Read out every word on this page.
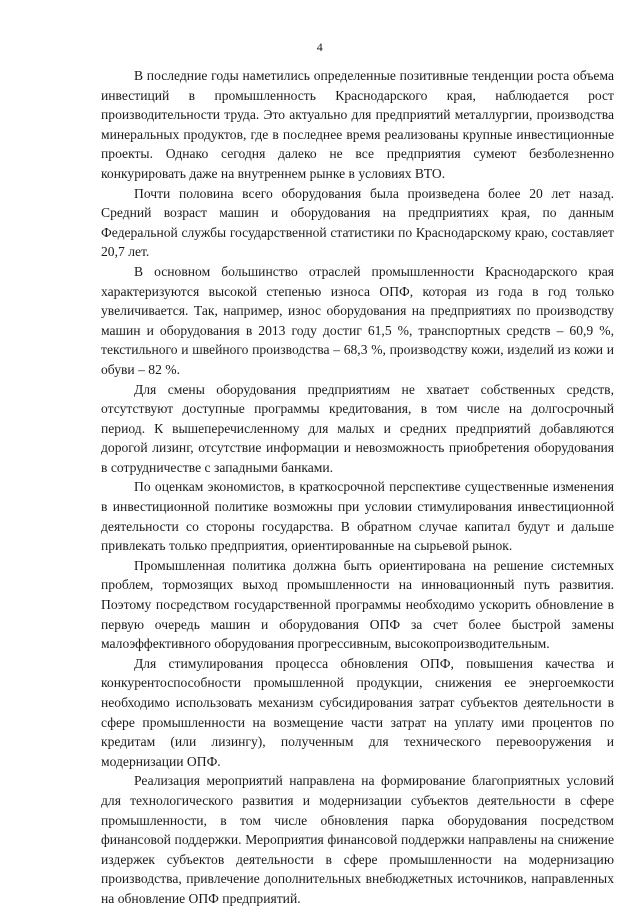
4

В последние годы наметились определенные позитивные тенденции роста объема инвестиций в промышленность Краснодарского края, наблюдается рост производительности труда. Это актуально для предприятий металлургии, производства минеральных продуктов, где в последнее время реализованы крупные инвестиционные проекты. Однако сегодня далеко не все предприятия сумеют безболезненно конкурировать даже на внутреннем рынке в условиях ВТО.

Почти половина всего оборудования была произведена более 20 лет назад. Средний возраст машин и оборудования на предприятиях края, по данным Федеральной службы государственной статистики по Краснодарскому краю, составляет 20,7 лет.

В основном большинство отраслей промышленности Краснодарского края характеризуются высокой степенью износа ОПФ, которая из года в год только увеличивается. Так, например, износ оборудования на предприятиях по производству машин и оборудования в 2013 году достиг 61,5 %, транспортных средств – 60,9 %, текстильного и швейного производства – 68,3 %, производству кожи, изделий из кожи и обуви – 82 %.

Для смены оборудования предприятиям не хватает собственных средств, отсутствуют доступные программы кредитования, в том числе на долгосрочный период. К вышеперечисленному для малых и средних предприятий добавляются дорогой лизинг, отсутствие информации и невозможность приобретения оборудования в сотрудничестве с западными банками.

По оценкам экономистов, в краткосрочной перспективе существенные изменения в инвестиционной политике возможны при условии стимулирования инвестиционной деятельности со стороны государства. В обратном случае капитал будут и дальше привлекать только предприятия, ориентированные на сырьевой рынок.

Промышленная политика должна быть ориентирована на решение системных проблем, тормозящих выход промышленности на инновационный путь развития. Поэтому посредством государственной программы необходимо ускорить обновление в первую очередь машин и оборудования ОПФ за счет более быстрой замены малоэффективного оборудования прогрессивным, высокопроизводительным.

Для стимулирования процесса обновления ОПФ, повышения качества и конкурентоспособности промышленной продукции, снижения ее энергоемкости необходимо использовать механизм субсидирования затрат субъектов деятельности в сфере промышленности на возмещение части затрат на уплату ими процентов по кредитам (или лизингу), полученным для технического перевооружения и модернизации ОПФ.

Реализация мероприятий направлена на формирование благоприятных условий для технологического развития и модернизации субъектов деятельности в сфере промышленности, в том числе обновления парка оборудования посредством финансовой поддержки. Мероприятия финансовой поддержки направлены на снижение издержек субъектов деятельности в сфере промышленности на модернизацию производства, привлечение дополнительных внебюджетных источников, направленных на обновление ОПФ предприятий.
